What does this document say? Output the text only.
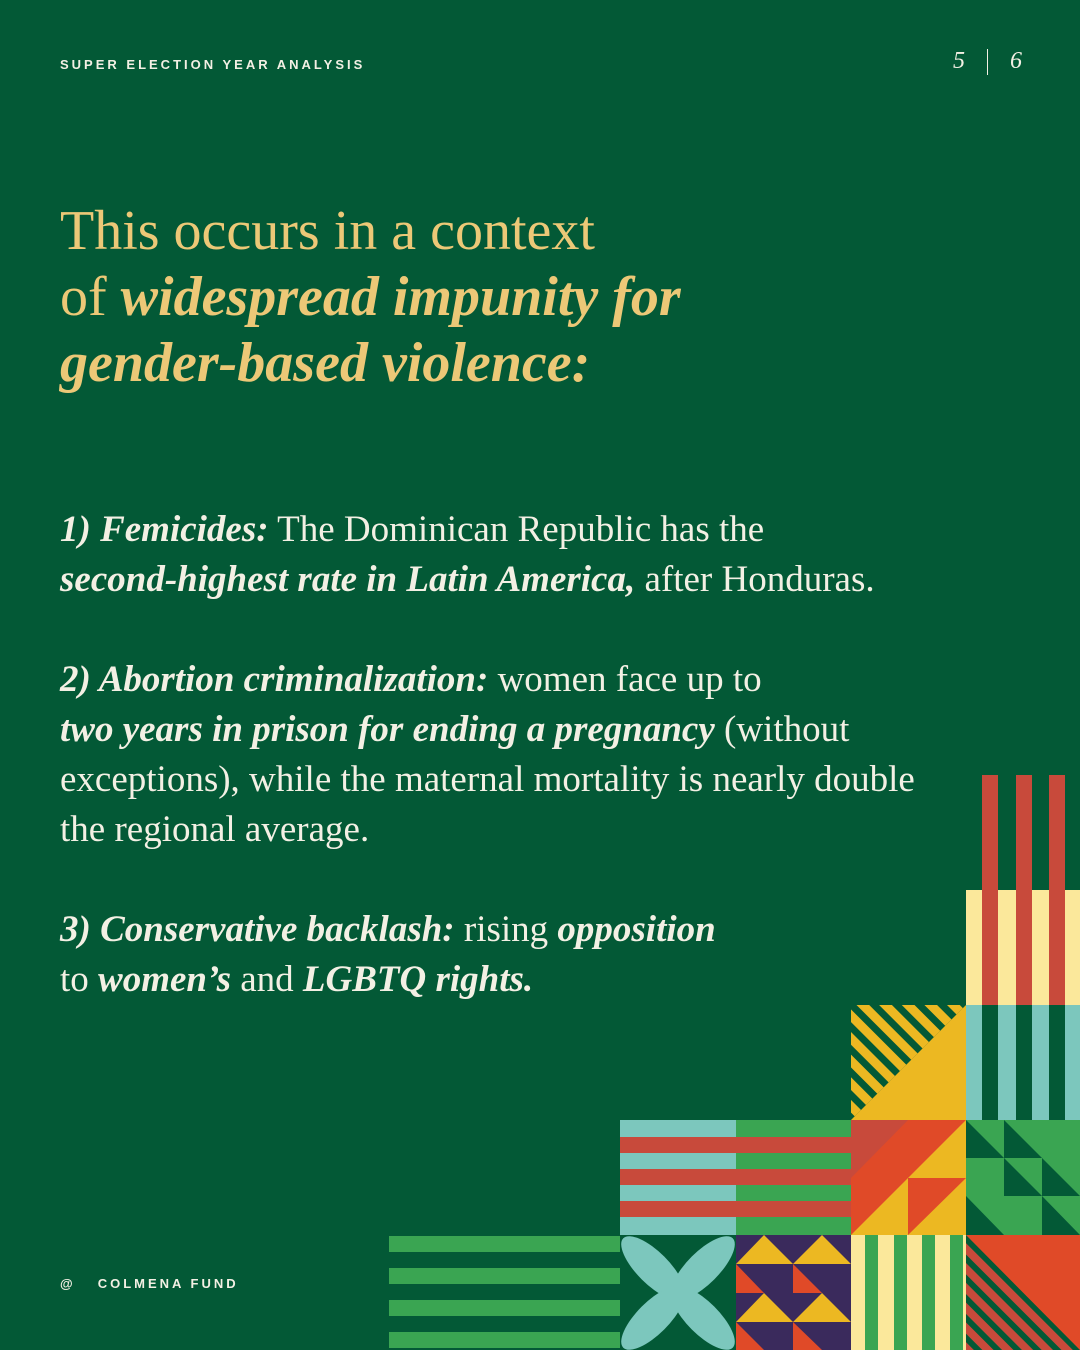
SUPER ELECTION YEAR ANALYSIS	5 6
This occurs in a context
of widespread impunity for
gender-based violence:

1) Femicides: The Dominican Republic has the
second-highest rate in Latin America, after Honduras.

2) Abortion criminalization: women face up to
two years in prison for ending a pregnancy (without exceptions), while the maternal mortality is nearly double the regional average.

3) Conservative backlash: rising opposition
to women’s and LGBTQ rights.

@ COLMENA FUND
